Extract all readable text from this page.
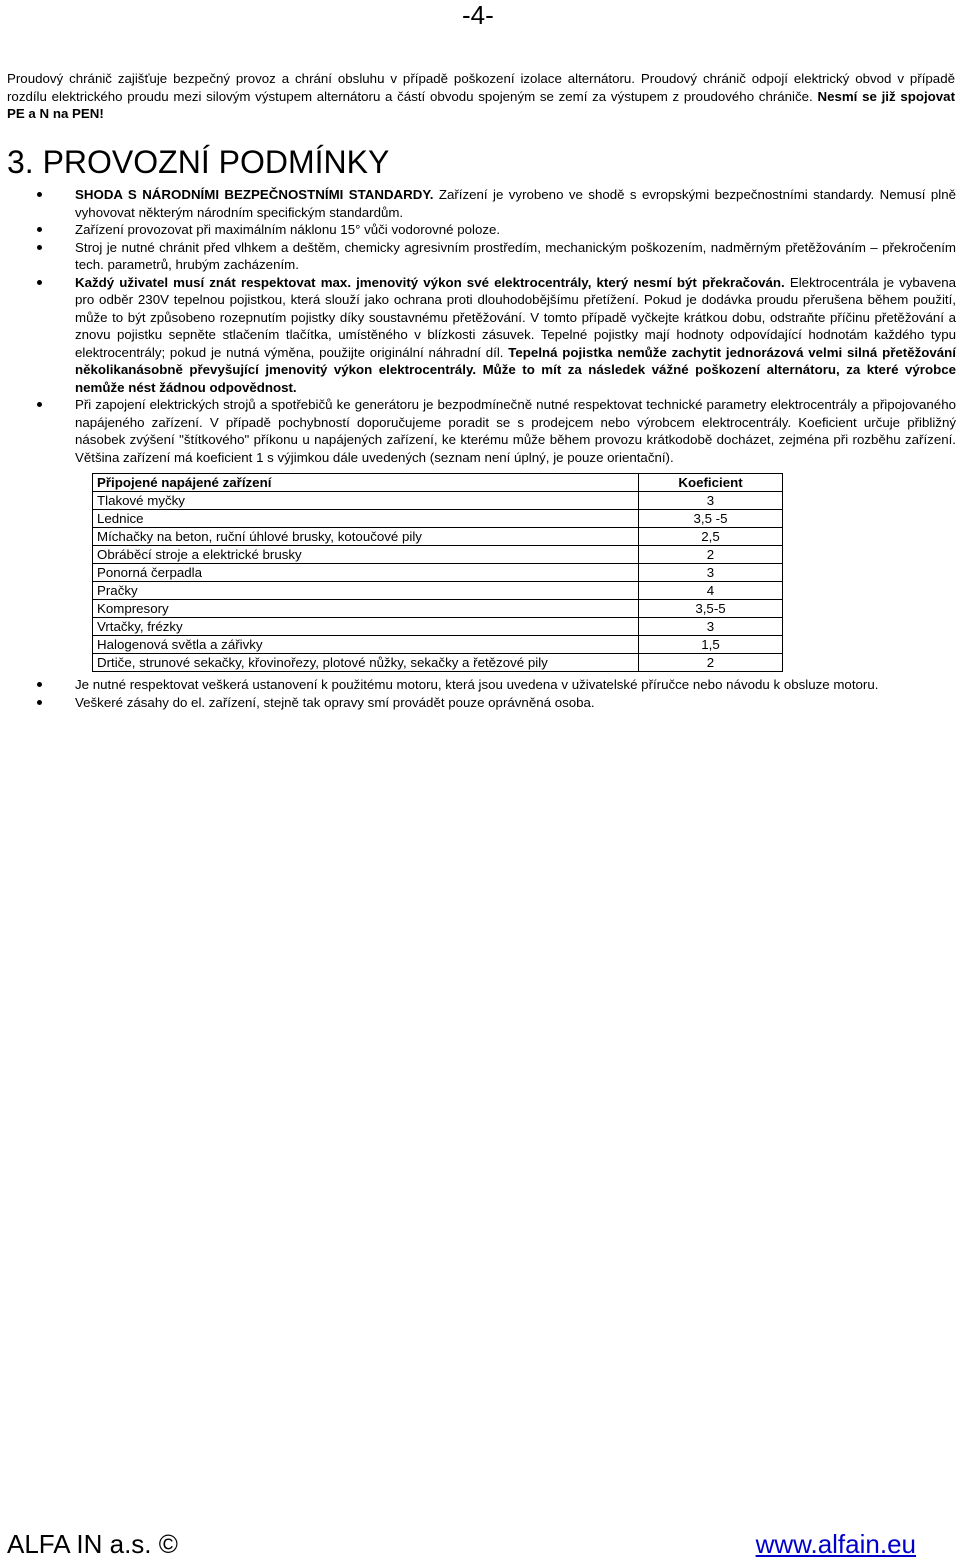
-4-

Proudový chránič zajišťuje bezpečný provoz a chrání obsluhu v případě poškození izolace alternátoru. Proudový chránič odpojí elektrický obvod v případě rozdílu elektrického proudu mezi silovým výstupem alternátoru a částí obvodu spojeným se zemí za výstupem z proudového chrániče. Nesmí se již spojovat PE a N na PEN!

3. PROVOZNÍ PODMÍNKY
SHODA S NÁRODNÍMI BEZPEČNOSTNÍMI STANDARDY. Zařízení je vyrobeno ve shodě s evropskými bezpečnostními standardy. Nemusí plně vyhovovat některým národním specifickým standardům.
Zařízení provozovat při maximálním náklonu 15° vůči vodorovné poloze.
Stroj je nutné chránit před vlhkem a deštěm, chemicky agresivním prostředím, mechanickým poškozením, nadměrným přetěžováním – překročením tech. parametrů, hrubým zacházením.
Každý uživatel musí znát respektovat max. jmenovitý výkon své elektrocentrály, který nesmí být překračován. Elektrocentrála je vybavena pro odběr 230V tepelnou pojistkou, která slouží jako ochrana proti dlouhodobějšímu přetížení. Pokud je dodávka proudu přerušena během použití, může to být způsobeno rozepnutím pojistky díky soustavnému přetěžování. V tomto případě vyčkejte krátkou dobu, odstraňte příčinu přetěžování a znovu pojistku sepněte stlačením tlačítka, umístěného v blízkosti zásuvek. Tepelné pojistky mají hodnoty odpovídající hodnotám každého typu elektrocentrály; pokud je nutná výměna, použijte originální náhradní díl. Tepelná pojistka nemůže zachytit jednorázová velmi silná přetěžování několikanásobně převyšující jmenovitý výkon elektrocentrály. Může to mít za následek vážné poškození alternátoru, za které výrobce nemůže nést žádnou odpovědnost.
Při zapojení elektrických strojů a spotřebičů ke generátoru je bezpodmínečně nutné respektovat technické parametry elektrocentrály a připojovaného napájeného zařízení. V případě pochybností doporučujeme poradit se s prodejcem nebo výrobcem elektrocentrály. Koeficient určuje přibližný násobek zvýšení "štítkového" příkonu u napájených zařízení, ke kterému může během provozu krátkodobě docházet, zejména při rozběhu zařízení. Většina zařízení má koeficient 1 s výjimkou dále uvedených (seznam není úplný, je pouze orientační).
Připojené napájené zařízení	Koeficient
Tlakové myčky	3
Lednice	3,5 -5
Míchačky na beton, ruční úhlové brusky, kotoučové pily	2,5
Obráběcí stroje a elektrické brusky	2
Ponorná čerpadla	3
Pračky	4
Kompresory	3,5-5
Vrtačky, frézky	3
Halogenová světla a zářivky	1,5
Drtiče, strunové sekačky, křovinořezy, plotové nůžky, sekačky a řetězové pily	2
Je nutné respektovat veškerá ustanovení k použitému motoru, která jsou uvedena v uživatelské příručce nebo návodu k obsluze motoru.
Veškeré zásahy do el. zařízení, stejně tak opravy smí provádět pouze oprávněná osoba.
ALFA IN a.s. ©	www.alfain.eu
